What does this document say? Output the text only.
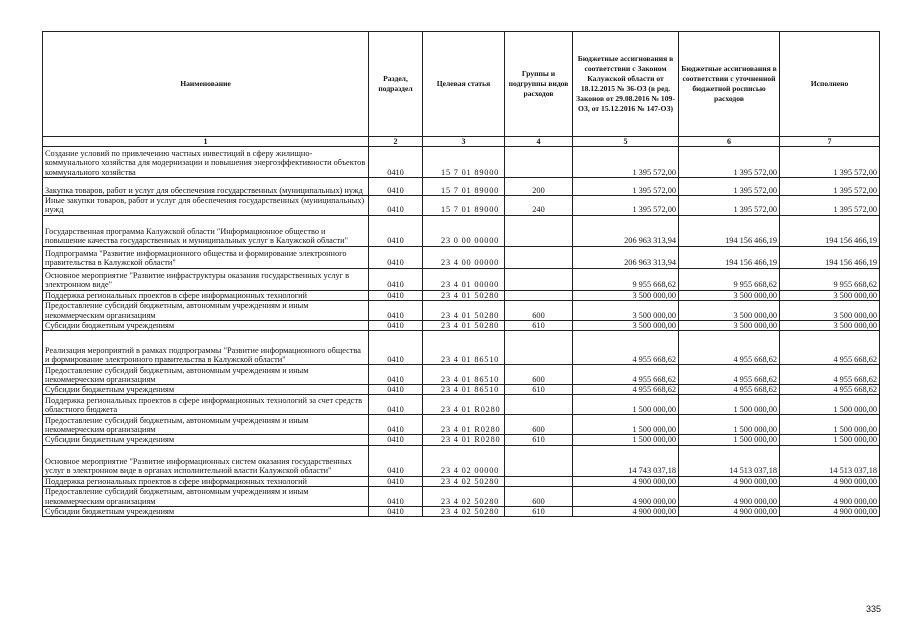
Наименование	Раздел, подраздел	Целевая статья	Группы и подгруппы видов расходов	Бюджетные ассигнования в соответствии с Законом Калужской области от 18.12.2015 № 36-ОЗ (в ред. Законов от 29.08.2016 № 109-ОЗ, от 15.12.2016 № 147-ОЗ)	Бюджетные ассигнования в соответствии с уточненной бюджетной росписью расходов	Исполнено
1	2	3	4	5	6	7
Создание условий по привлечению частных инвестиций в сферу жилищно-коммунального хозяйства для модернизации и повышения энергоэффективности объектов коммунального хозяйства	0410	15 7 01 89000		1 395 572,00	1 395 572,00	1 395 572,00
Закупка товаров, работ и услуг для обеспечения государственных (муниципальных) нужд	0410	15 7 01 89000	200	1 395 572,00	1 395 572,00	1 395 572,00
Иные закупки товаров, работ и услуг для обеспечения государственных (муниципальных) нужд	0410	15 7 01 89000	240	1 395 572,00	1 395 572,00	1 395 572,00
Государственная программа Калужской области "Информационное общество и повышение качества государственных и муниципальных услуг в Калужской области"	0410	23 0 00 00000		206 963 313,94	194 156 466,19	194 156 466,19
Подпрограмма "Развитие информационного общества и формирование электронного правительства в Калужской области"	0410	23 4 00 00000		206 963 313,94	194 156 466,19	194 156 466,19
Основное мероприятие "Развитие инфраструктуры оказания государственных услуг в электронном виде"	0410	23 4 01 00000		9 955 668,62	9 955 668,62	9 955 668,62
Поддержка региональных проектов в сфере информационных технологий	0410	23 4 01 50280		3 500 000,00	3 500 000,00	3 500 000,00
Предоставление субсидий бюджетным, автономным учреждениям и иным некоммерческим организациям	0410	23 4 01 50280	600	3 500 000,00	3 500 000,00	3 500 000,00
Субсидии бюджетным учреждениям	0410	23 4 01 50280	610	3 500 000,00	3 500 000,00	3 500 000,00
Реализация мероприятий в рамках подпрограммы "Развитие информационного общества и формирование электронного правительства в Калужской области"	0410	23 4 01 86510		4 955 668,62	4 955 668,62	4 955 668,62
Предоставление субсидий бюджетным, автономным учреждениям и иным некоммерческим организациям	0410	23 4 01 86510	600	4 955 668,62	4 955 668,62	4 955 668,62
Субсидии бюджетным учреждениям	0410	23 4 01 86510	610	4 955 668,62	4 955 668,62	4 955 668,62
Поддержка региональных проектов в сфере информационных технологий за счет средств областного бюджета	0410	23 4 01 R0280		1 500 000,00	1 500 000,00	1 500 000,00
Предоставление субсидий бюджетным, автономным учреждениям и иным некоммерческим организациям	0410	23 4 01 R0280	600	1 500 000,00	1 500 000,00	1 500 000,00
Субсидии бюджетным учреждениям	0410	23 4 01 R0280	610	1 500 000,00	1 500 000,00	1 500 000,00
Основное мероприятие "Развитие информационных систем оказания государственных услуг в электронном виде в органах исполнительной власти Калужской области"	0410	23 4 02 00000		14 743 037,18	14 513 037,18	14 513 037,18
Поддержка региональных проектов в сфере информационных технологий	0410	23 4 02 50280		4 900 000,00	4 900 000,00	4 900 000,00
Предоставление субсидий бюджетным, автономным учреждениям и иным некоммерческим организациям	0410	23 4 02 50280	600	4 900 000,00	4 900 000,00	4 900 000,00
Субсидии бюджетным учреждениям	0410	23 4 02 50280	610	4 900 000,00	4 900 000,00	4 900 000,00
335
